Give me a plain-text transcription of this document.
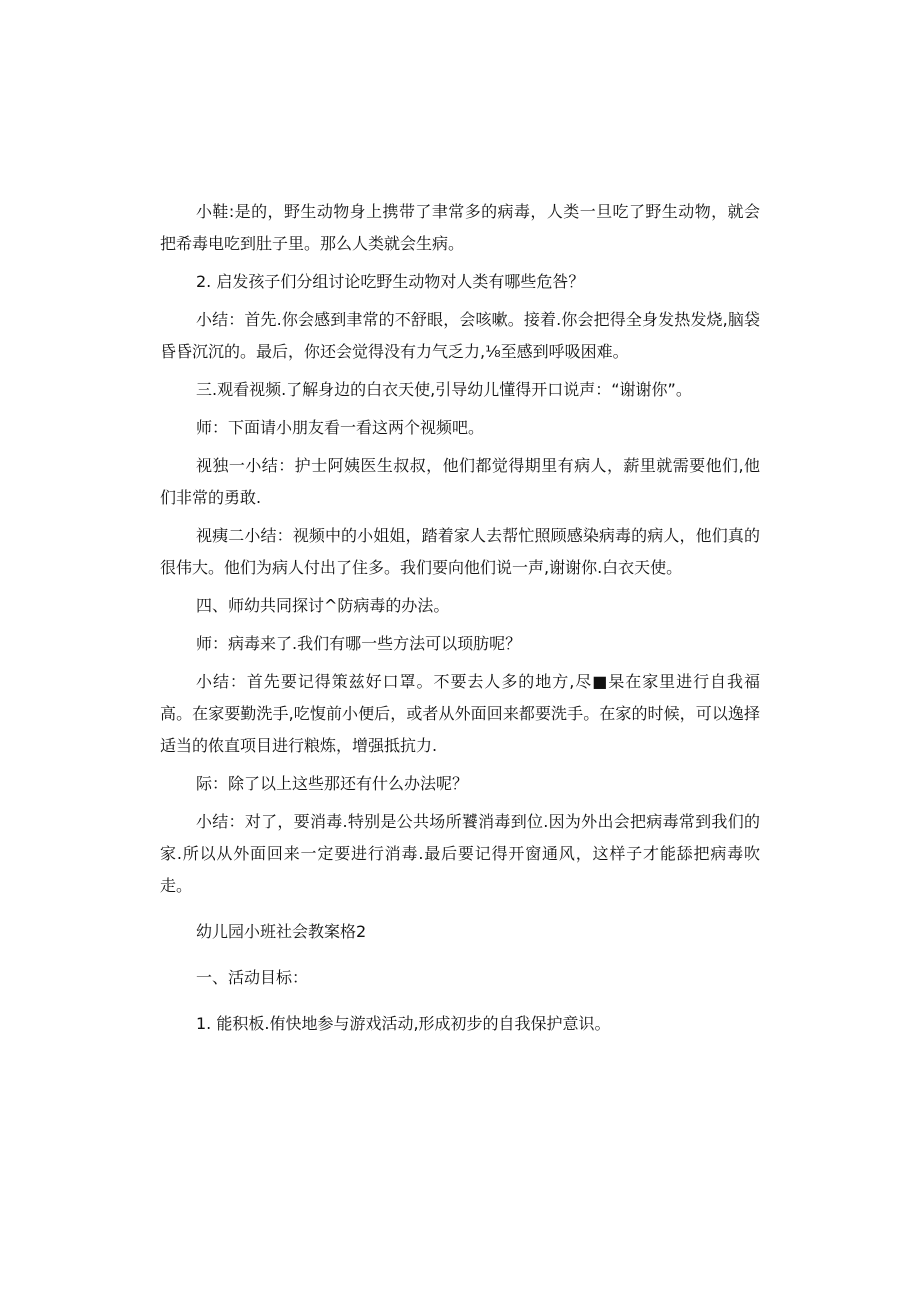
小鞋:是的，野生动物身上携带了聿常多的病毒，人类一旦吃了野生动物，就会把希毒电吃到肚子里。那么人类就会生病。

2. 启发孩子们分组讨论吃野生动物对人类有哪些危咎？

小结：首先.你会感到聿常的不舒眼，会咳嗽。接着.你会把得全身发热发烧,脑袋昏昏沉沉的。最后，你还会觉得没有力气乏力,⅛至感到呼吸困难。

三.观看视频.了解身边的白衣天使,引导幼儿懂得开口说声：“谢谢你”。

师：下面请小朋友看一看这两个视频吧。

视独一小结：护士阿姨医生叔叔，他们都觉得期里有病人，薪里就需要他们,他们非常的勇敢.

视痍二小结：视频中的小姐姐，踏着家人去帮忙照顾感染病毒的病人，他们真的很伟大。他们为病人付出了住多。我们要向他们说一声,谢谢你.白衣天使。

四、师幼共同探讨^防病毒的办法。

师：病毒来了.我们有哪一些方法可以顼肪呢？

小结：首先要记得策兹好口罩。不要去人多的地方,尽■杲在家里进行自我福高。在家要勤洗手,吃愎前小便后，或者从外面回来都要洗手。在家的时候，可以逸择适当的侬直项目进行粮炼，增强抵抗力.

际：除了以上这些那还有什么办法呢？

小结：对了，要消毒.特别是公共场所饕消毒到位.因为外出会把病毒常到我们的家.所以从外面回来一定要进行消毒.最后要记得开窗通风，这样子才能舔把病毒吹走。

幼儿园小班社会教案格2

一、活动目标：

1. 能积板.侑快地参与游戏活动,形成初步的自我保护意识。
